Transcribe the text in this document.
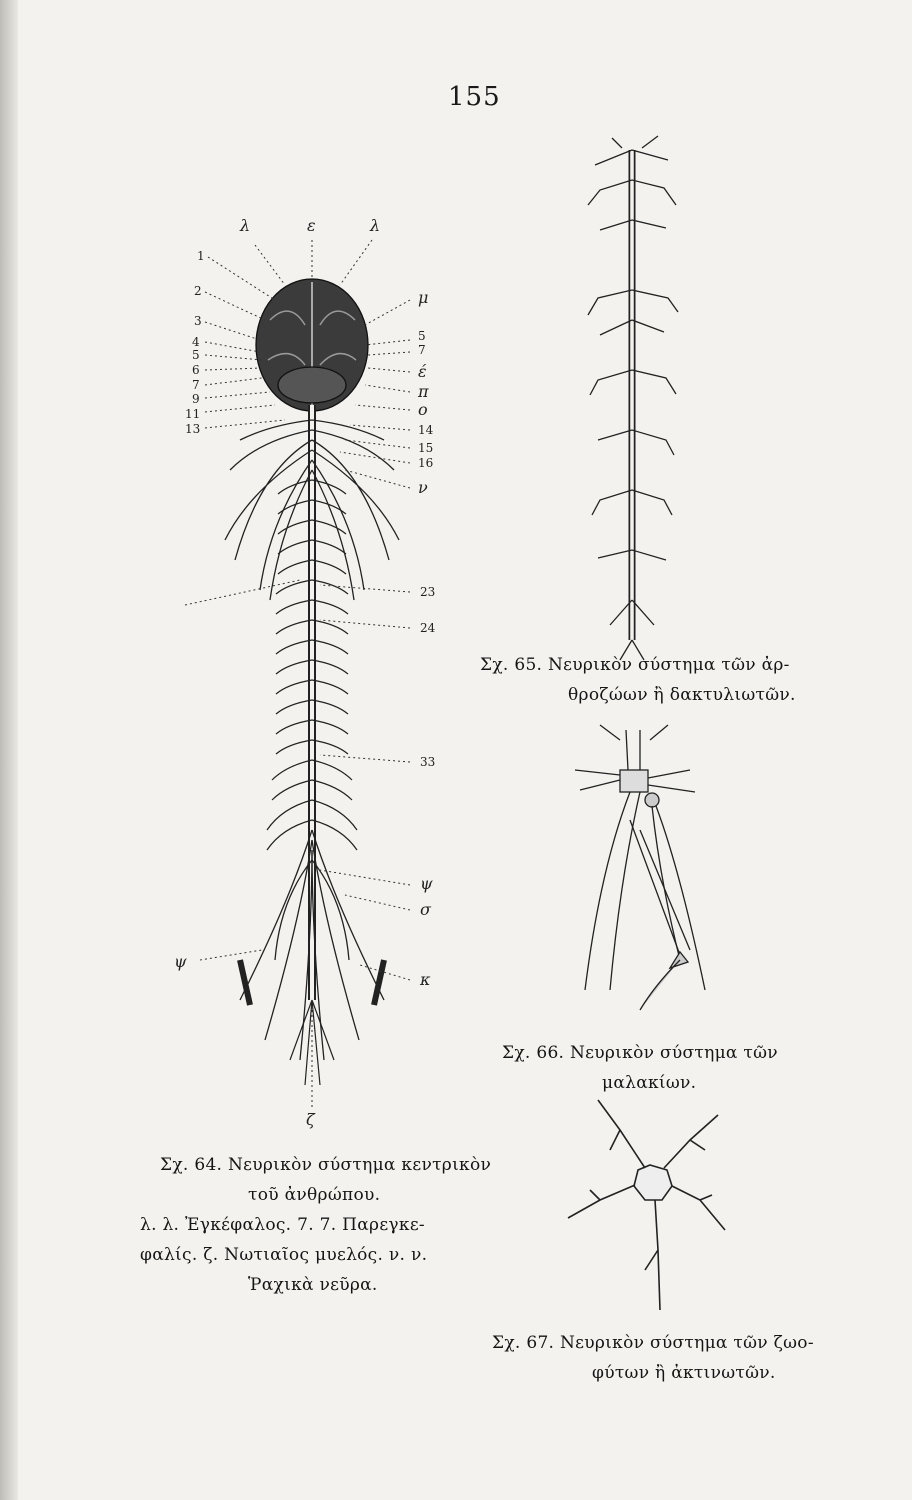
155
λ	ε	λ
1
2
3
4
5
6
7
9
11
13
ψ
μ
5
7
έ
π
ο
14
15
16
ν
23
24
33
ψ
σ
κ
ζ
Σχ. 64. Νευρικὸν σύστημα κεντρικὸν
τοῦ ἀνθρώπου.
λ. λ. Ἐγκέφαλος. 7. 7. Παρεγκε-
φαλίς. ζ. Νωτιαῖος μυελός. ν. ν.
Ῥαχικὰ νεῦρα.
Σχ. 65. Νευρικὸν σύστημα τῶν ἀρ-
θροζώων ἢ δακτυλιωτῶν.
Σχ. 66. Νευρικὸν σύστημα τῶν
μαλακίων.
Σχ. 67. Νευρικὸν σύστημα τῶν ζωο-
φύτων ἢ ἀκτινωτῶν.
